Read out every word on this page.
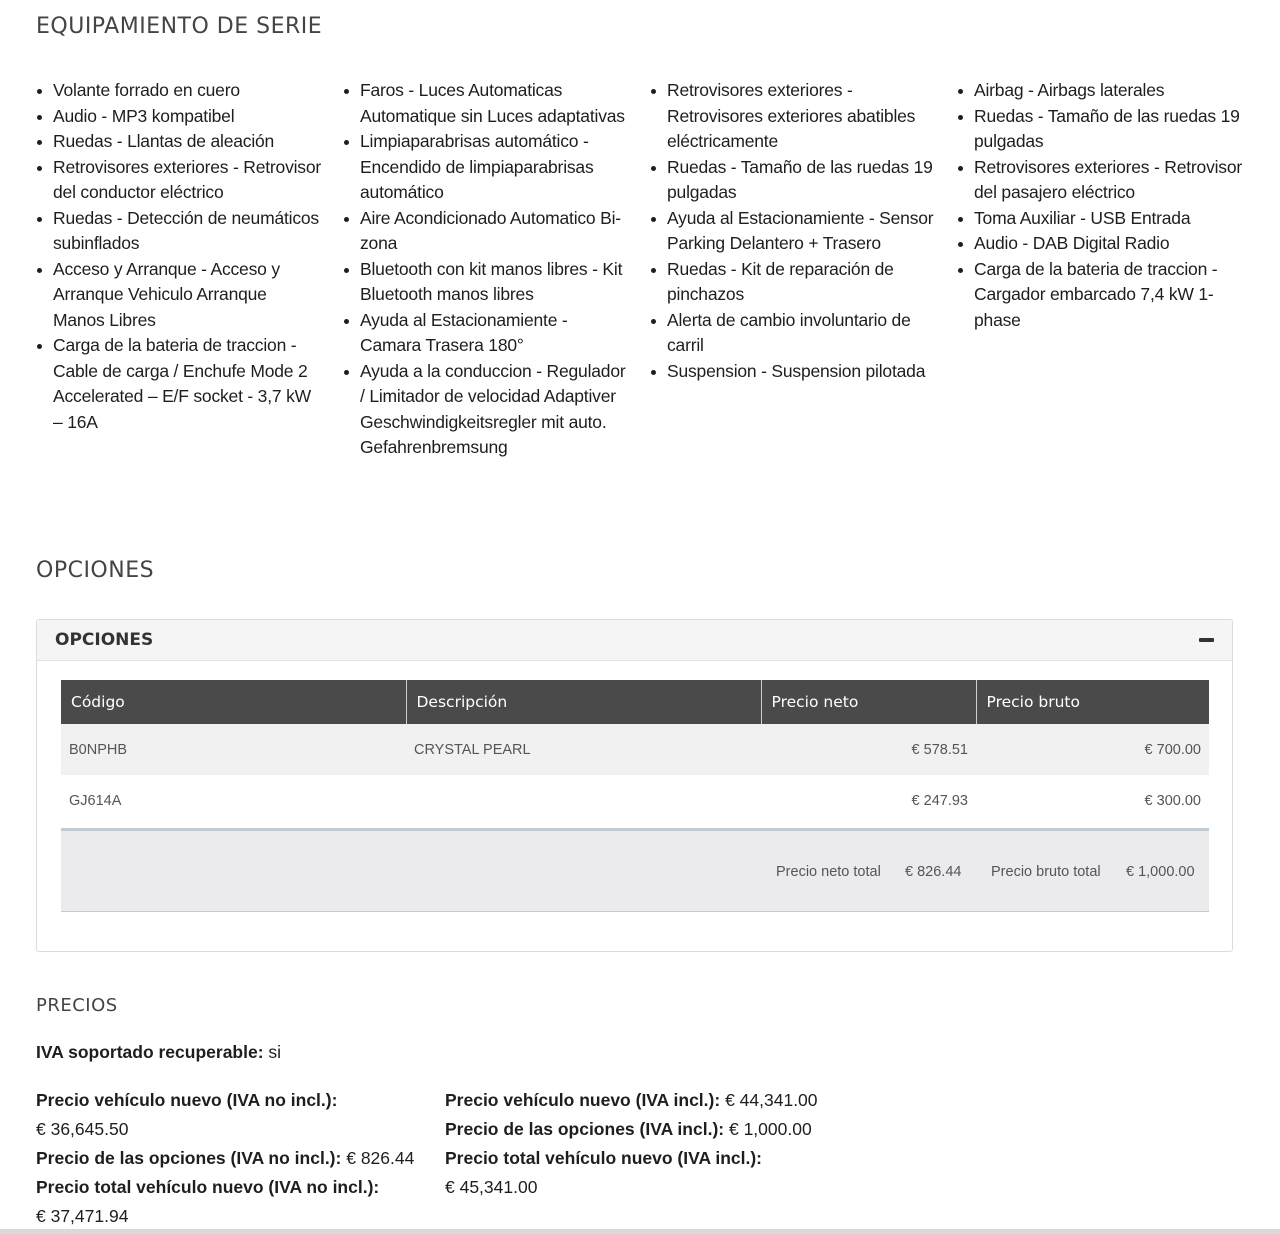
EQUIPAMIENTO DE SERIE
Volante forrado en cuero
Audio - MP3 kompatibel
Ruedas - Llantas de aleación
Retrovisores exteriores - Retrovisor del conductor eléctrico
Ruedas - Detección de neumáticos subinflados
Acceso y Arranque - Acceso y Arranque Vehiculo Arranque Manos Libres
Carga de la bateria de traccion - Cable de carga / Enchufe Mode 2 Accelerated – E/F socket - 3,7 kW – 16A
Faros - Luces Automaticas Automatique sin Luces adaptativas
Limpiaparabrisas automático - Encendido de limpiaparabrisas automático
Aire Acondicionado Automatico Bi-zona
Bluetooth con kit manos libres - Kit Bluetooth manos libres
Ayuda al Estacionamiente - Camara Trasera 180°
Ayuda a la conduccion - Regulador / Limitador de velocidad Adaptiver Geschwindigkeitsregler mit auto. Gefahrenbremsung
Retrovisores exteriores - Retrovisores exteriores abatibles eléctricamente
Ruedas - Tamaño de las ruedas 19 pulgadas
Ayuda al Estacionamiente - Sensor Parking Delantero + Trasero
Ruedas - Kit de reparación de pinchazos
Alerta de cambio involuntario de carril
Suspension - Suspension pilotada
Airbag - Airbags laterales
Ruedas - Tamaño de las ruedas 19 pulgadas
Retrovisores exteriores - Retrovisor del pasajero eléctrico
Toma Auxiliar - USB Entrada
Audio - DAB Digital Radio
Carga de la bateria de traccion - Cargador embarcado 7,4 kW 1-phase
OPCIONES
OPCIONES
Código	Descripción	Precio neto	Precio bruto
B0NPHB	CRYSTAL PEARL	€ 578.51	€ 700.00
GJ614A		€ 247.93	€ 300.00
Precio neto total € 826.44 Precio bruto total € 1,000.00
PRECIOS
IVA soportado recuperable: si
Precio vehículo nuevo (IVA no incl.):
€ 36,645.50
Precio de las opciones (IVA no incl.): € 826.44
Precio total vehículo nuevo (IVA no incl.):
€ 37,471.94
Precio vehículo nuevo (IVA incl.): € 44,341.00
Precio de las opciones (IVA incl.): € 1,000.00
Precio total vehículo nuevo (IVA incl.):
€ 45,341.00
